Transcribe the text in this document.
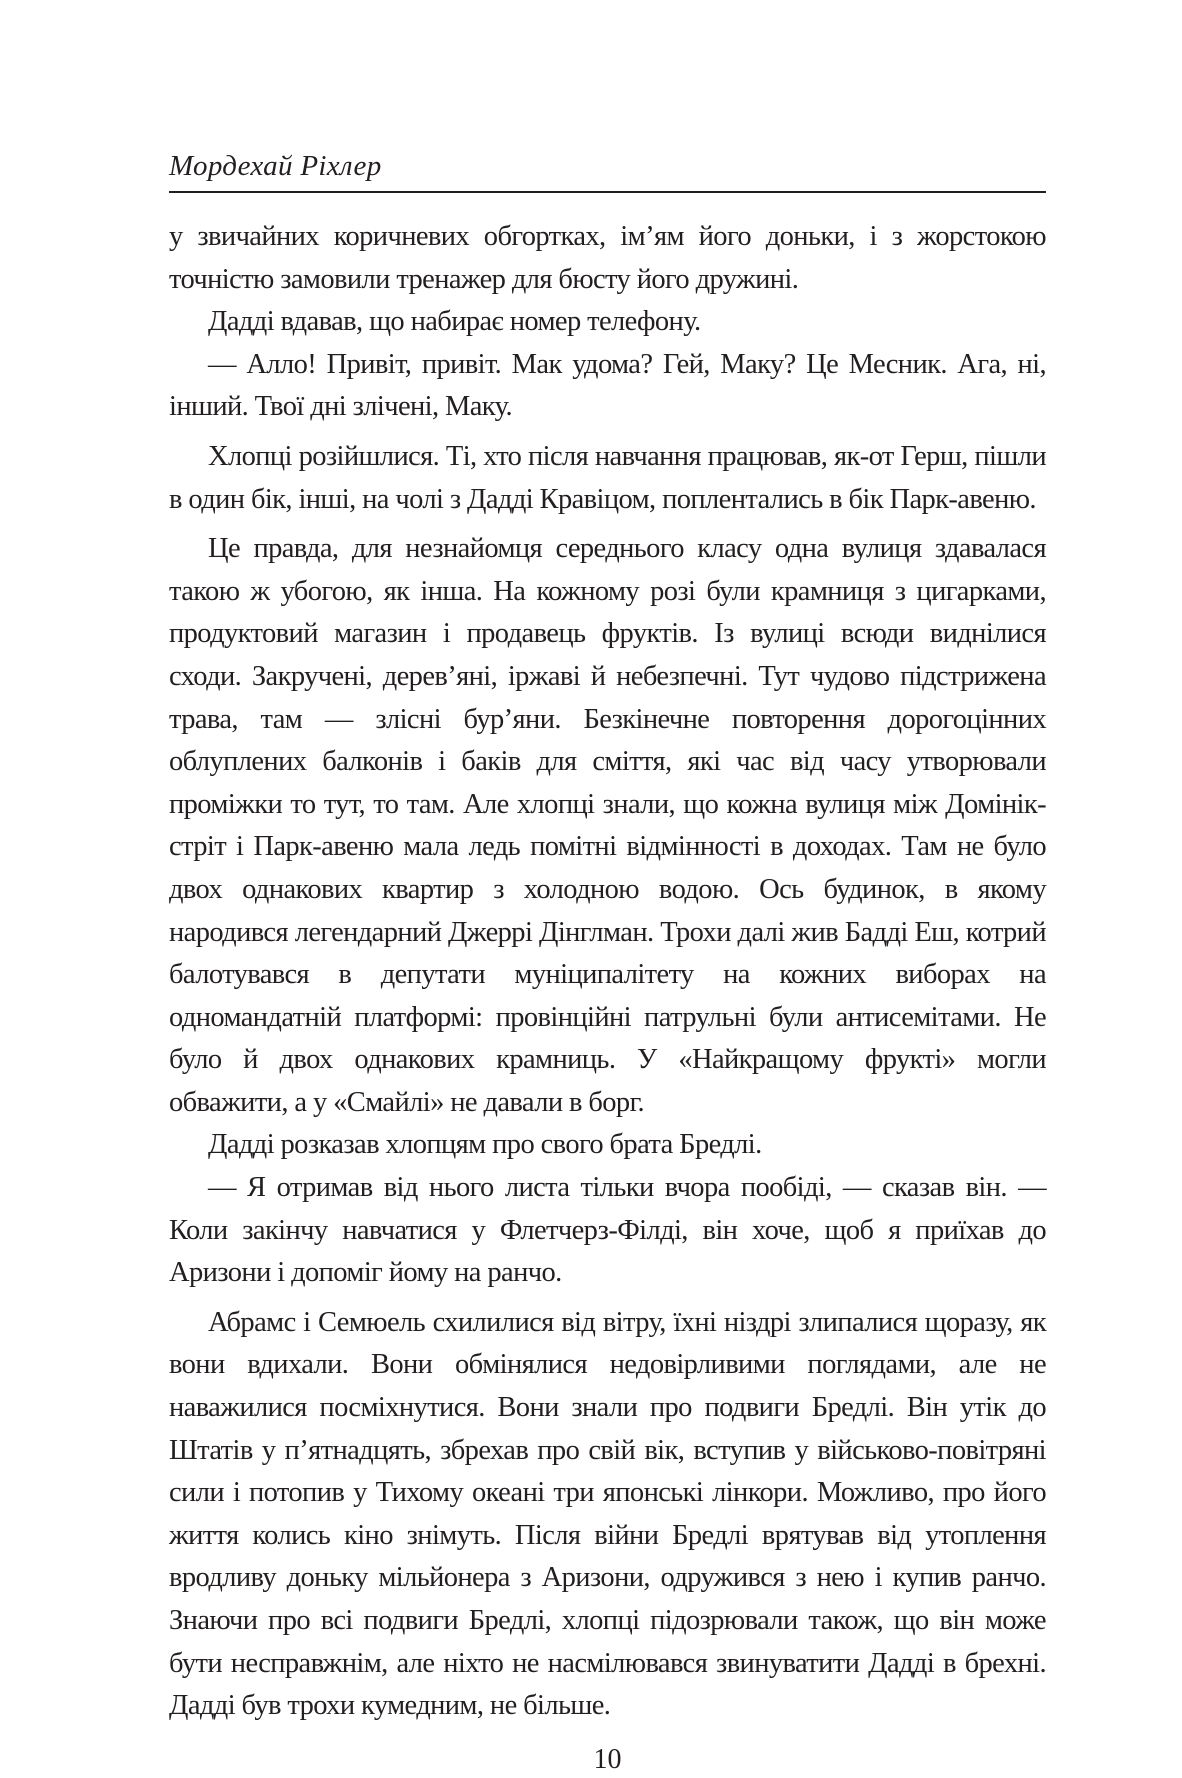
Мордехай Ріхлер

у звичайних коричневих обгортках, ім’ям його доньки, і з жорстокою точністю замовили тренажер для бюсту його дружині.

Дадді вдавав, що набирає номер телефону.

— Алло! Привіт, привіт. Мак удома? Гей, Маку? Це Месник. Ага, ні, інший. Твої дні злічені, Маку.

Хлопці розійшлися. Ті, хто після навчання працював, як-от Герш, пішли в один бік, інші, на чолі з Дадді Кравіцом, поплентались в бік Парк-авеню.

Це правда, для незнайомця середнього класу одна вулиця здавалася такою ж убогою, як інша. На кожному розі були крамниця з цигарками, продуктовий магазин і продавець фруктів. Із вулиці всюди виднілися сходи. Закручені, дерев’яні, іржаві й небезпечні. Тут чудово підстрижена трава, там — злісні бур’яни. Безкінечне повторення дорогоцінних облуплених балконів і баків для сміття, які час від часу утворювали проміжки то тут, то там. Але хлопці знали, що кожна вулиця між Домінік-стріт і Парк-авеню мала ледь помітні відмінності в доходах. Там не було двох однакових квартир з холодною водою. Ось будинок, в якому народився легендарний Джеррі Дінглман. Трохи далі жив Бадді Еш, котрий балотувався в депутати муніципалітету на кожних виборах на одномандатній платформі: провінційні патрульні були антисемітами. Не було й двох однакових крамниць. У «Найкращому фрукті» могли обважити, а у «Смайлі» не давали в борг.

Дадді розказав хлопцям про свого брата Бредлі.

— Я отримав від нього листа тільки вчора пообіді, — сказав він. — Коли закінчу навчатися у Флетчерз-Філді, він хоче, щоб я приїхав до Аризони і допоміг йому на ранчо.

Абрамс і Семюель схилилися від вітру, їхні ніздрі злипалися щоразу, як вони вдихали. Вони обмінялися недовірливими поглядами, але не наважилися посміхнутися. Вони знали про подвиги Бредлі. Він утік до Штатів у п’ятнадцять, збрехав про свій вік, вступив у військово-повітряні сили і потопив у Тихому океані три японські лінкори. Можливо, про його життя колись кіно знімуть. Після війни Бредлі врятував від утоплення вродливу доньку мільйонера з Аризони, одружився з нею і купив ранчо. Знаючи про всі подвиги Бредлі, хлопці підозрювали також, що він може бути несправжнім, але ніхто не насмілювався звинуватити Дадді в брехні. Дадді був трохи кумедним, не більше.

10
